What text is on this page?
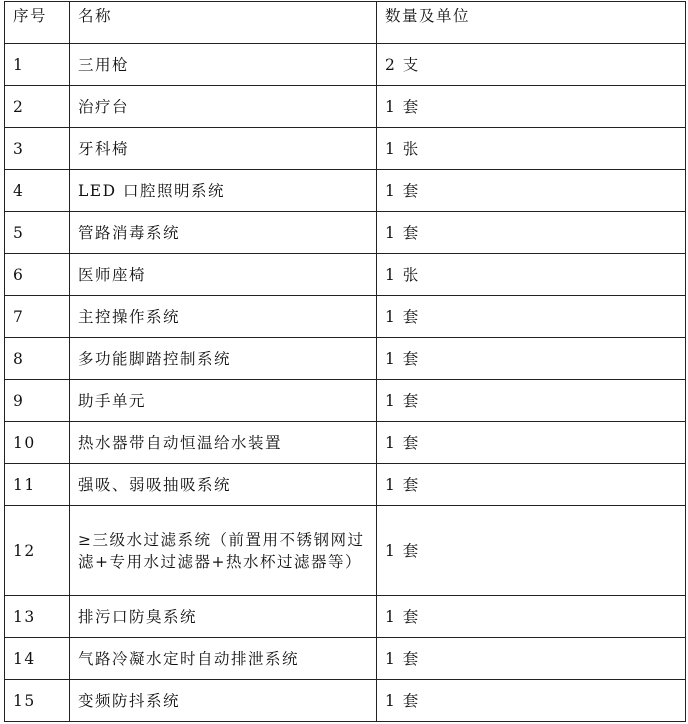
序号	名称	数量及单位
1	三用枪	2 支
2	治疗台	1 套
3	牙科椅	1 张
4	LED 口腔照明系统	1 套
5	管路消毒系统	1 套
6	医师座椅	1 张
7	主控操作系统	1 套
8	多功能脚踏控制系统	1 套
9	助手单元	1 套
10	热水器带自动恒温给水装置	1 套
11	强吸、弱吸抽吸系统	1 套
12	≥三级水过滤系统（前置用不锈钢网过滤+专用水过滤器+热水杯过滤器等）	1 套
13	排污口防臭系统	1 套
14	气路冷凝水定时自动排泄系统	1 套
15	变频防抖系统	1 套
